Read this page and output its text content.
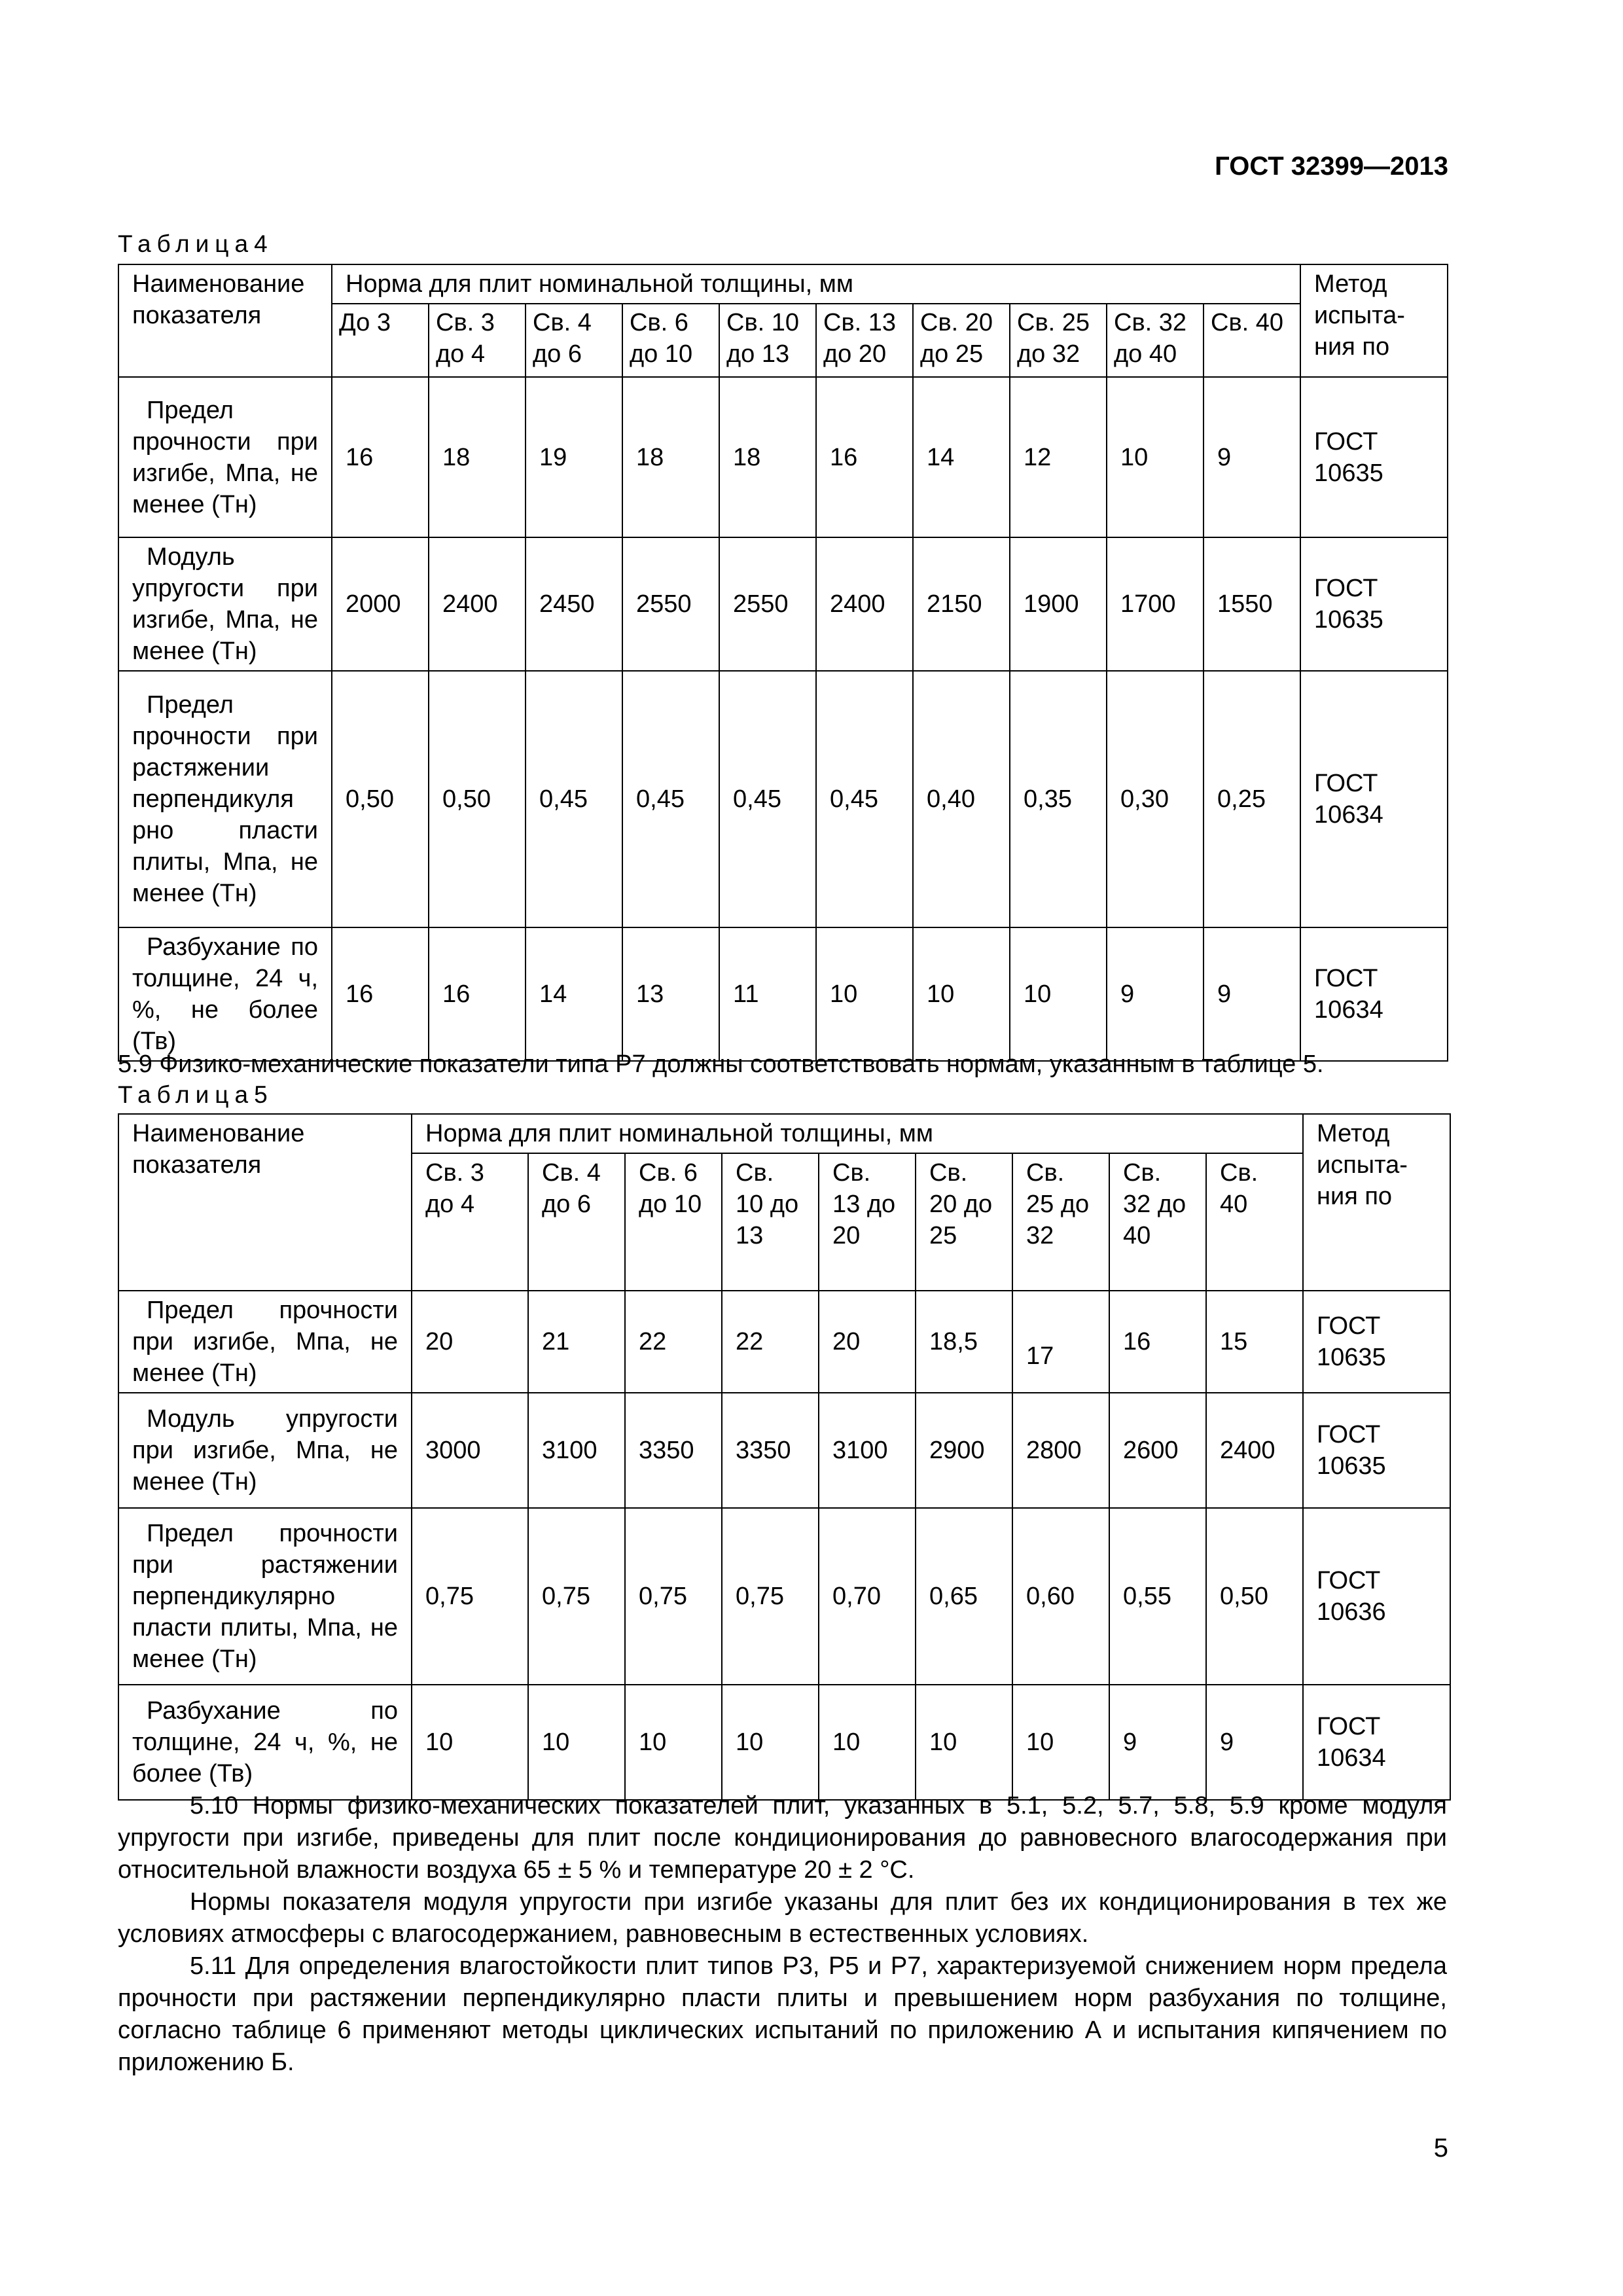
ГОСТ 32399—2013
Таблица4
Наименование показателя	Норма для плит номинальной толщины, мм										Метод испыта-ния по
	До 3	Св. 3 до 4	Св. 4 до 6	Св. 6 до 10	Св. 10 до 13	Св. 13 до 20	Св. 20 до 25	Св. 25 до 32	Св. 32 до 40	Св. 40	
Предел прочности при изгибе, Мпа, не менее (Тн)	16	18	19	18	18	16	14	12	10	9	ГОСТ 10635
Модуль упругости при изгибе, Мпа, не менее (Тн)	2000	2400	2450	2550	2550	2400	2150	1900	1700	1550	ГОСТ 10635
Предел прочности при растяжении перпендикуля рно пласти плиты, Мпа, не менее (Тн)	0,50	0,50	0,45	0,45	0,45	0,45	0,40	0,35	0,30	0,25	ГОСТ 10634
Разбухание по толщине, 24 ч, %, не более (Тв)	16	16	14	13	11	10	10	10	9	9	ГОСТ 10634
5.9 Физико-механические показатели типа Р7 должны соответствовать нормам, указанным в таблице 5.
Таблица5
Наименование показателя	Норма для плит номинальной толщины, мм									Метод испыта-ния по
	Св. 3 до 4	Св. 4 до 6	Св. 6 до 10	Св. 10 до 13	Св. 13 до 20	Св. 20 до 25	Св. 25 до 32	Св. 32 до 40	Св. 40	
Предел прочности при изгибе, Мпа, не менее (Тн)	20	21	22	22	20	18,5	17	16	15	ГОСТ 10635
Модуль упругости при изгибе, Мпа, не менее (Тн)	3000	3100	3350	3350	3100	2900	2800	2600	2400	ГОСТ 10635
Предел прочности при растяжении перпендикулярно пласти плиты, Мпа, не менее (Тн)	0,75	0,75	0,75	0,75	0,70	0,65	0,60	0,55	0,50	ГОСТ 10636
Разбухание по толщине, 24 ч, %, не более (Тв)	10	10	10	10	10	10	10	9	9	ГОСТ 10634
5.10 Нормы физико-механических показателей плит, указанных в 5.1, 5.2, 5.7, 5.8, 5.9 кроме модуля упругости при изгибе, приведены для плит после кондиционирования до равновесного влагосодержания при относительной влажности воздуха 65 ± 5 % и температуре 20 ± 2 °С.
Нормы показателя модуля упругости при изгибе указаны для плит без их кондиционирования в тех же условиях атмосферы с влагосодержанием, равновесным в естественных условиях.
5.11 Для определения влагостойкости плит типов Р3, Р5 и Р7, характеризуемой снижением норм предела прочности при растяжении перпендикулярно пласти плиты и превышением норм разбухания по толщине, согласно таблице 6 применяют методы циклических испытаний по приложению А и испытания кипячением по приложению Б.
5
